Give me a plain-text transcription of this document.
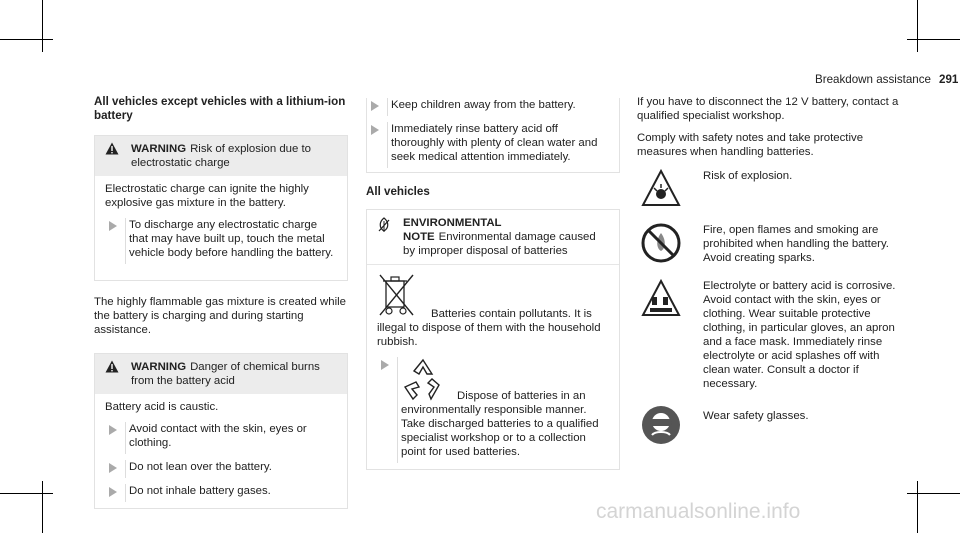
Breakdown assistance 291

All vehicles except vehicles with a lithium-ion battery

WARNING Risk of explosion due to electrostatic charge

Electrostatic charge can ignite the highly explosive gas mixture in the battery.

To discharge any electrostatic charge that may have built up, touch the metal vehicle body before handling the battery.

The highly flammable gas mixture is created while the battery is charging and during starting assistance.

WARNING Danger of chemical burns from the battery acid

Battery acid is caustic.

Avoid contact with the skin, eyes or clothing.
Do not lean over the battery.
Do not inhale battery gases.
Keep children away from the battery.
Immediately rinse battery acid off thoroughly with plenty of clean water and seek medical attention immediately.

All vehicles

ENVIRONMENTAL NOTE Environmental damage caused by improper disposal of batteries
Batteries contain pollutants. It is illegal to dispose of them with the household rubbish.
Dispose of batteries in an environmentally responsible manner. Take discharged batteries to a qualified specialist workshop or to a collection point for used batteries.

If you have to disconnect the 12 V battery, contact a qualified specialist workshop.

Comply with safety notes and take protective measures when handling batteries.

Risk of explosion.
Fire, open flames and smoking are prohibited when handling the battery. Avoid creating sparks.
Electrolyte or battery acid is corrosive. Avoid contact with the skin, eyes or clothing. Wear suitable protective clothing, in particular gloves, an apron and a face mask. Immediately rinse electrolyte or acid splashes off with clean water. Consult a doctor if necessary.
Wear safety glasses.
carmanualsonline.info
